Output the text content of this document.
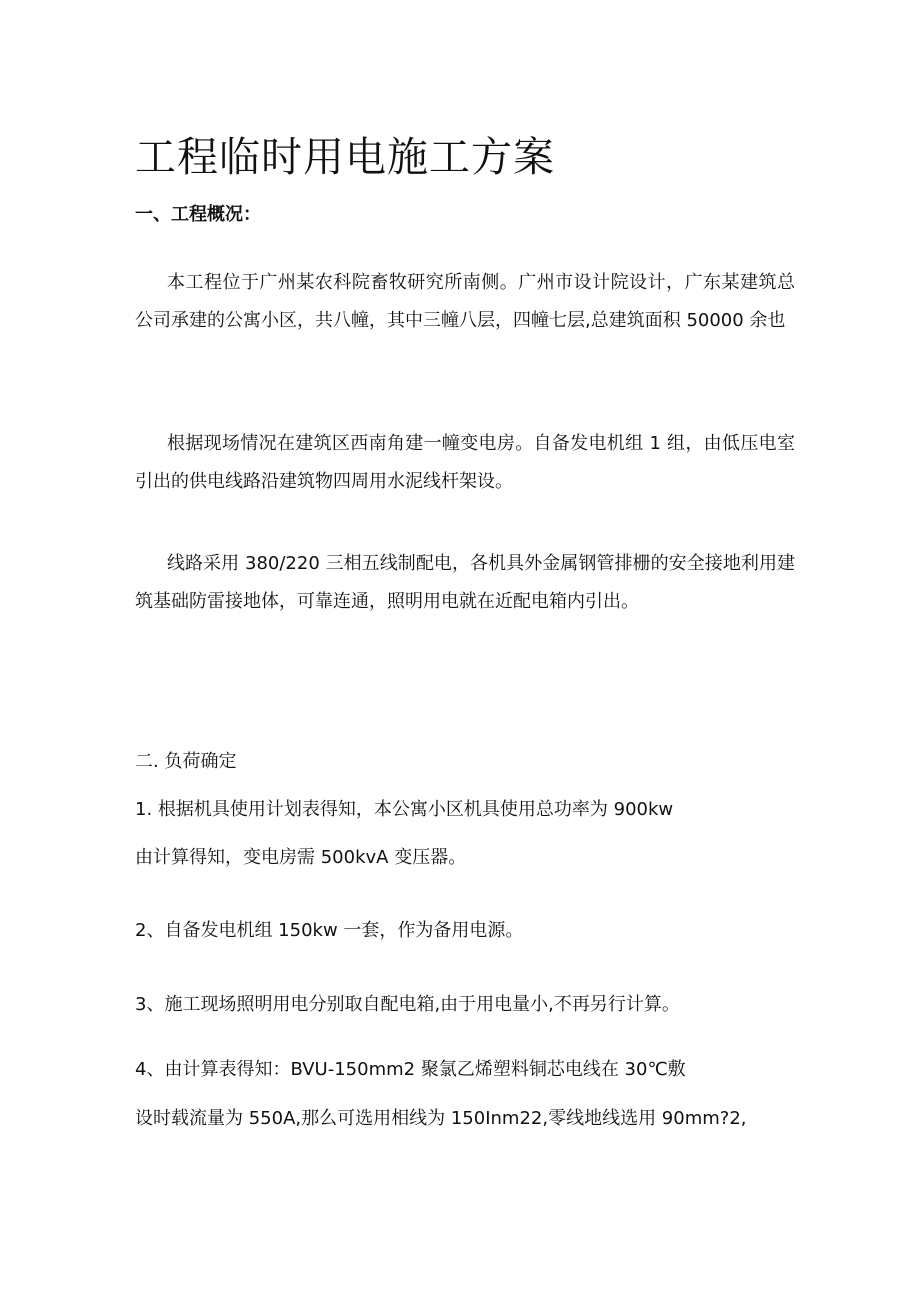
工程临时用电施工方案
一、工程概况：

本工程位于广州某农科院畜牧研究所南侧。广州市设计院设计，广东某建筑总公司承建的公寓小区，共八幢，其中三幢八层，四幢七层,总建筑面积 50000 余也

根据现场情况在建筑区西南角建一幢变电房。自备发电机组 1 组，由低压电室引出的供电线路沿建筑物四周用水泥线杆架设。

线路采用 380/220 三相五线制配电，各机具外金属钢管排栅的安全接地利用建筑基础防雷接地体，可靠连通，照明用电就在近配电箱内引出。

二. 负荷确定

1. 根据机具使用计划表得知，本公寓小区机具使用总功率为 900kw

由计算得知，变电房需 500kvA 变压器。

2、自备发电机组 150kw 一套，作为备用电源。

3、施工现场照明用电分别取自配电箱,由于用电量小,不再另行计算。

4、由计算表得知：BVU-150mm2 聚氯乙烯塑料铜芯电线在 30℃敷

设时载流量为 550A,那么可选用相线为 150Inm22,零线地线选用 90mm?2,
